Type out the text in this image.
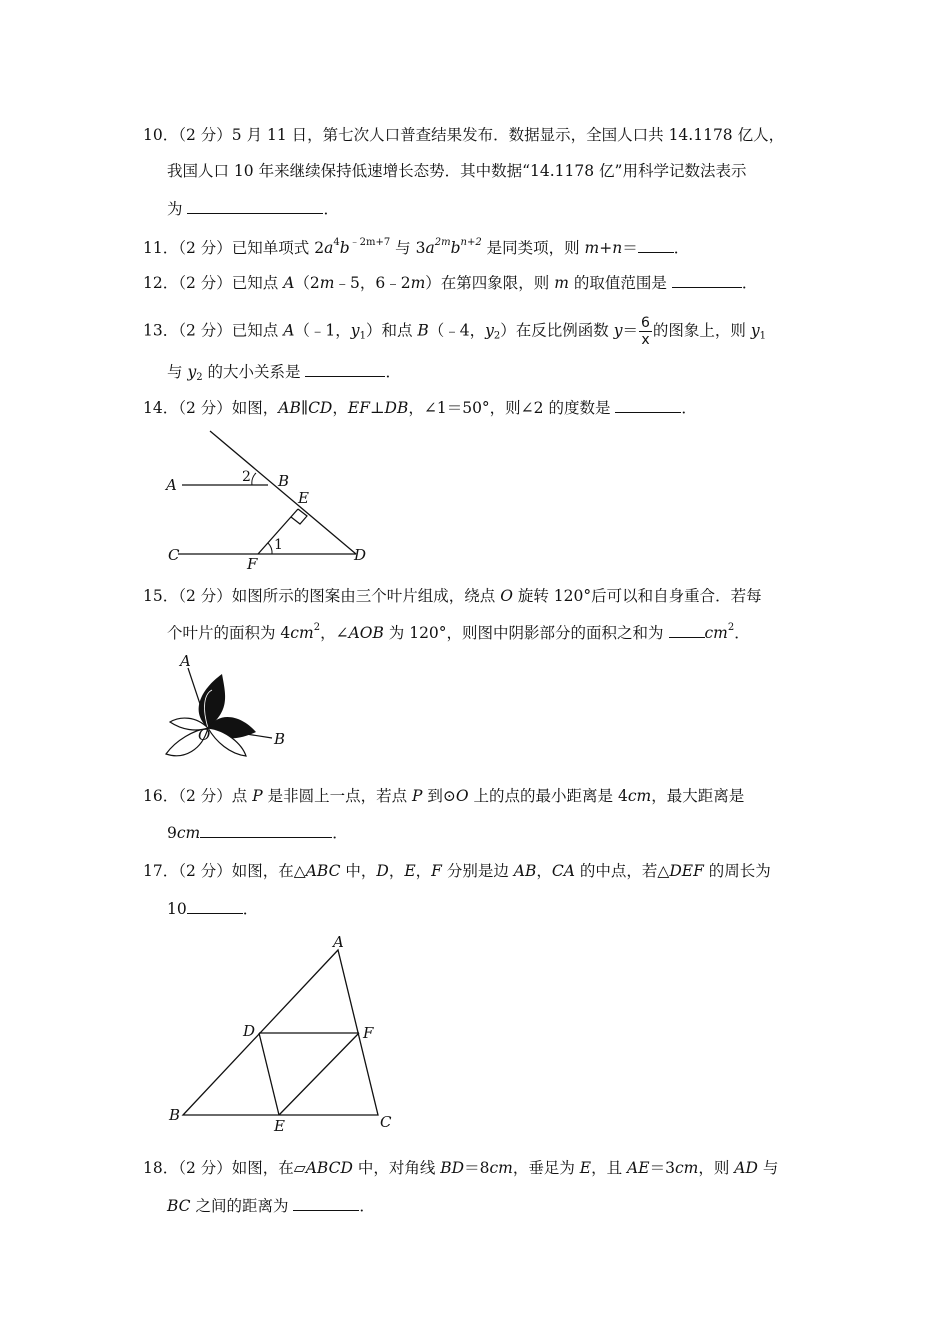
10．（2 分）5 月 11 日，第七次人口普查结果发布．数据显示，全国人口共 14.1178 亿人，
我国人口 10 年来继续保持低速增长态势．其中数据“14.1178 亿”用科学记数法表示
为	．
11．（2 分）已知单项式 $2a^4b^{﹣2m+7}$ 与 $3a^{2m}b^{n+2}$ 是同类项，则 m+n＝ ．
12．（2 分）已知点 A（2m﹣5，6﹣2m）在第四象限，则 m 的取值范围是	．
13．（2 分）已知点 A（﹣1，$y_1$）和点 B（﹣4，$y_2$）在反比例函数 $y= \frac{6}{x}$ 的图象上，则 $y_1$
与 $y_2$ 的大小关系是	．
14．（2 分）如图，AB∥CD，EF⊥DB，∠1＝50°，则∠2 的度数是	．
A	B
C	D
E
F
1
2
15．（2 分）如图所示的图案由三个叶片组成，绕点 O 旋转 120°后可以和自身重合．若每
个叶片的面积为 $4cm^2$，∠AOB 为 120°，则图中阴影部分的面积之和为	$cm^2$．
A
B
O
16．（2 分）点 P 是非圆上一点，若点 P 到⊙O 上的点的最小距离是 4cm，最大距离是
9cm	．
17．（2 分）如图，在△ABC 中，D，E，F 分别是边 AB，CA 的中点，若△DEF 的周长为
10	．
A
B	C
D
E
F
18．（2 分）如图，在▱ABCD 中，对角线 BD＝8cm，垂足为 E，且 AE＝3cm，则 AD 与
BC 之间的距离为	．
